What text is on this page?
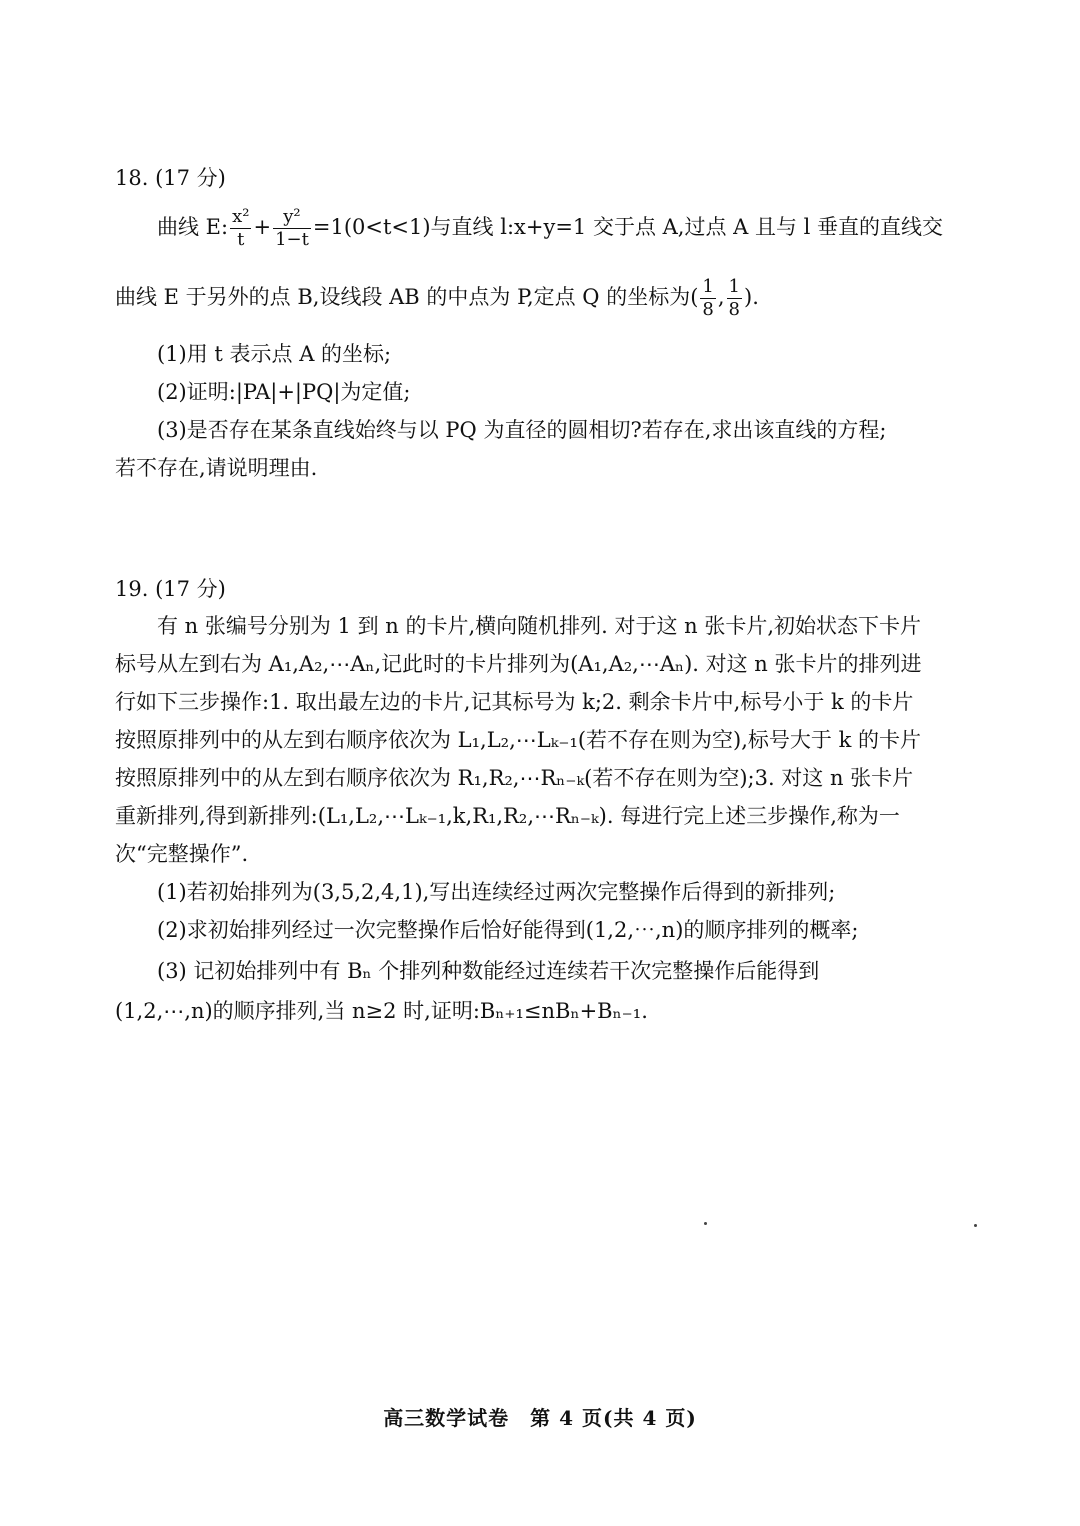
18. (17 分)
曲线 E: $\frac{\text{x²}}{t} + \frac{\text{y²}}{1-t} =1(0<t<1)$与直线 l:x+y=1 交于点 A,过点 A 且与 l 垂直的直线交
曲线 E 于另外的点 B,设线段 AB 的中点为 P,定点 Q 的坐标为( $\frac{1}{8}$ , $\frac{1}{8}$ ).
(1)用 t 表示点 A 的坐标;
(2)证明:|PA|+|PQ|为定值;
(3)是否存在某条直线始终与以 PQ 为直径的圆相切?若存在,求出该直线的方程;
若不存在,请说明理由.
19. (17 分)
有 n 张编号分别为 1 到 n 的卡片,横向随机排列. 对于这 n 张卡片,初始状态下卡片
标号从左到右为 A₁,A₂,⋯Aₙ,记此时的卡片排列为(A₁,A₂,⋯Aₙ). 对这 n 张卡片的排列进
行如下三步操作:1. 取出最左边的卡片,记其标号为 k;2. 剩余卡片中,标号小于 k 的卡片
按照原排列中的从左到右顺序依次为 L₁,L₂,⋯Lₖ₋₁(若不存在则为空),标号大于 k 的卡片
按照原排列中的从左到右顺序依次为 R₁,R₂,⋯Rₙ₋ₖ(若不存在则为空);3. 对这 n 张卡片
重新排列,得到新排列:(L₁,L₂,⋯Lₖ₋₁,k,R₁,R₂,⋯Rₙ₋ₖ). 每进行完上述三步操作,称为一
次“完整操作”.
(1)若初始排列为(3,5,2,4,1),写出连续经过两次完整操作后得到的新排列;
(2)求初始排列经过一次完整操作后恰好能得到(1,2,⋯,n)的顺序排列的概率;
(3) 记初始排列中有 Bₙ 个排列种数能经过连续若干次完整操作后能得到
(1,2,⋯,n)的顺序排列,当 n≥2 时,证明:Bₙ₊₁≤nBₙ+Bₙ₋₁.
高三数学试卷　第 4 页(共 4 页)
